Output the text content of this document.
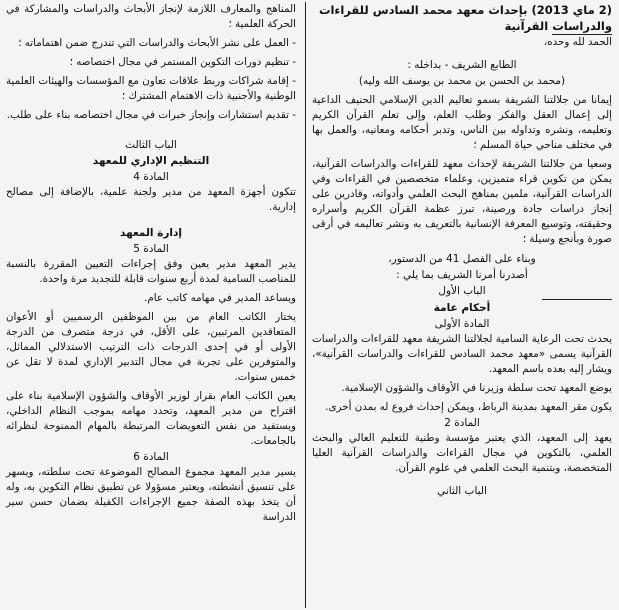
(2 ماي 2013) بإحداث معهد محمد السادس للقراءات والدراسات القرآنية

الحمد لله وحده،

الطابع الشريف - بداخله :

(محمد بن الحسن بن محمد بن يوسف الله وليه)

إيمانا من جلالتنا الشريفة بسمو تعاليم الدين الإسلامي الحنيف الداعية إلى إعمال العقل والفكر وطلب العلم، وإلى تعلم القرآن الكريم وتعليمه، ونشره وتداوله بين الناس، وتدبر أحكامه ومعانيه، والعمل بها في مختلف مناحي حياة المسلم ؛

وسعيا من جلالتنا الشريفة لإحداث معهد للقراءات والدراسات القرآنية، يمكن من تكوين قراء متميزين، وعلماء متخصصين في القراءات وفي الدراسات القرآنية، ملمين بمناهج البحث العلمي وأدواته، وقادرين على إنجاز دراسات جادة ورصينة، تبرز عظمة القرآن الكريم وأسراره وحقيقته، وتوسيع المعرفة الإنسانية بالتعريف به ونشر تعاليمه في أرقى صورة وبأنجع وسيلة ؛

وبناء على الفصل 41 من الدستور،

أصدرنا أمرنا الشريف بما يلي :

الباب الأول

أحكام عامة

المادة الأولى

يحدث تحت الرعاية السامية لجلالتنا الشريفة معهد للقراءات والدراسات القرآنية يسمى «معهد محمد السادس للقراءات والدراسات القرآنية»، ويشار إليه بعده باسم المعهد.

يوضع المعهد تحت سلطة وزيرنا في الأوقاف والشؤون الإسلامية.

يكون مقر المعهد بمدينة الرباط، ويمكن إحداث فروع له بمدن أخرى.

المادة 2

يعهد إلى المعهد، الذي يعتبر مؤسسة وطنية للتعليم العالي والبحث العلمي، بالتكوين في مجال القراءات والدراسات القرآنية العليا المتخصصة، وبتنمية البحث العلمي في علوم القرآن.

الباب الثاني

المناهج والمعارف اللازمة لإنجاز الأبحاث والدراسات والمشاركة في الحركة العلمية ؛

- العمل على نشر الأبحاث والدراسات التي تندرج ضمن اهتماماته ؛

- تنظيم دورات التكوين المستمر في مجال اختصاصه ؛

- إقامة شراكات وربط علاقات تعاون مع المؤسسات والهيئات العلمية الوطنية والأجنبية ذات الاهتمام المشترك ؛

- تقديم استشارات وإنجاز خبرات في مجال اختصاصه بناء على طلب.

الباب الثالث

التنظيم الإداري للمعهد

المادة 4

تتكون أجهزة المعهد من مدير ولجنة علمية، بالإضافة إلى مصالح إدارية.

إدارة المعهد

المادة 5

يدير المعهد مدير يعين وفق إجراءات التعيين المقررة بالنسبة للمناصب السامية لمدة أربع سنوات قابلة للتجديد مرة واحدة.

ويساعد المدير في مهامه كاتب عام.

يختار الكاتب العام من بين الموظفين الرسميين أو الأعوان المتعاقدين المرتبين، على الأقل، في درجة متصرف من الدرجة الأولى أو في إحدى الدرجات ذات الترتيب الاستدلالي المماثل، والمتوفرين على تجربة في مجال التدبير الإداري لمدة لا تقل عن خمس سنوات.

يعين الكاتب العام بقرار لوزير الأوقاف والشؤون الإسلامية بناء على اقتراح من مدير المعهد، وتحدد مهامه بموجب النظام الداخلي، ويستفيد من نفس التعويضات المرتبطة بالمهام الممنوحة لنظرائه بالجامعات.

المادة 6

يسير مدير المعهد مجموع المصالح الموضوعة تحت سلطته، ويسهر على تنسيق أنشطته، ويعتبر مسؤولا عن تطبيق نظام التكوين به، وله أن يتخذ بهذه الصفة جميع الإجراءات الكفيلة بضمان حسن سير الدراسة
